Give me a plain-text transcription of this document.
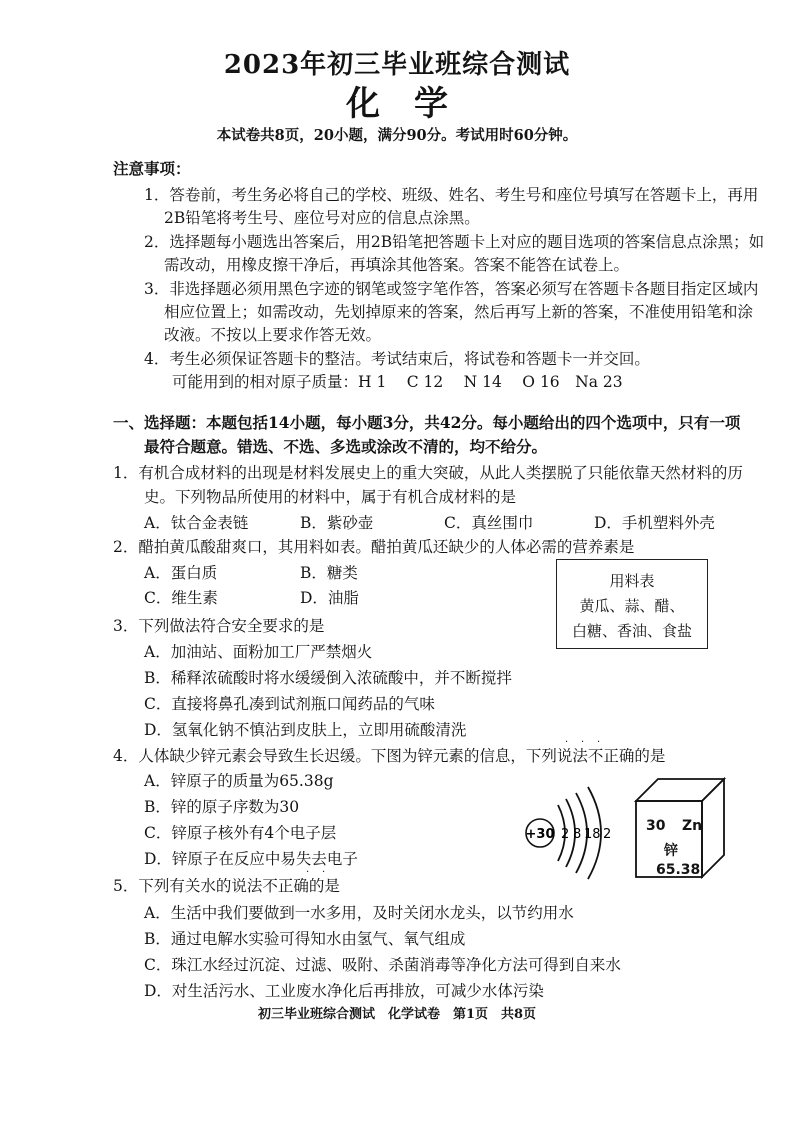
2023年初三毕业班综合测试
化学
本试卷共8页，20小题，满分90分。考试用时60分钟。
注意事项：
1．答卷前，考生务必将自己的学校、班级、姓名、考生号和座位号填写在答题卡上，再用
2B铅笔将考生号、座位号对应的信息点涂黑。
2．选择题每小题选出答案后，用2B铅笔把答题卡上对应的题目选项的答案信息点涂黑；如
需改动，用橡皮擦干净后，再填涂其他答案。答案不能答在试卷上。
3．非选择题必须用黑色字迹的钢笔或签字笔作答，答案必须写在答题卡各题目指定区域内
相应位置上；如需改动，先划掉原来的答案，然后再写上新的答案，不准使用铅笔和涂
改液。不按以上要求作答无效。
4．考生必须保证答题卡的整洁。考试结束后，将试卷和答题卡一并交回。
可能用到的相对原子质量：H 1　 C 12　 N 14　 O 16　Na 23
一、选择题：本题包括14小题，每小题3分，共42分。每小题给出的四个选项中，只有一项
最符合题意。错选、不选、多选或涂改不清的，均不给分。
1．有机合成材料的出现是材料发展史上的重大突破，从此人类摆脱了只能依靠天然材料的历
史。下列物品所使用的材料中，属于有机合成材料的是
A．钛合金表链	B．紫砂壶	C．真丝围巾	D．手机塑料外壳
2．醋拍黄瓜酸甜爽口，其用料如表。醋拍黄瓜还缺少的人体必需的营养素是
A．蛋白质	B．糖类
C．维生素	D．油脂
用料表
黄瓜、蒜、醋、
白糖、香油、食盐
3．下列做法符合安全要求的是
A．加油站、面粉加工厂严禁烟火
B．稀释浓硫酸时将水缓缓倒入浓硫酸中，并不断搅拌
C．直接将鼻孔凑到试剂瓶口闻药品的气味
D．氢氧化钠不慎沾到皮肤上，立即用硫酸清洗
4．人体缺少锌元素会导致生长迟缓。下图为锌元素的信息，下列说法不正确的是
· · ·
A．锌原子的质量为65.38g
B．锌的原子序数为30
C．锌原子核外有4个电子层
D．锌原子在反应中易失去电子
+30 2 8 18 2
30 Zn
锌
65.38
5．下列有关水的说法不正确的是
· ·
A．生活中我们要做到一水多用，及时关闭水龙头，以节约用水
B．通过电解水实验可得知水由氢气、氧气组成
C．珠江水经过沉淀、过滤、吸附、杀菌消毒等净化方法可得到自来水
D．对生活污水、工业废水净化后再排放，可减少水体污染
初三毕业班综合测试　化学试卷　第1页　共8页
